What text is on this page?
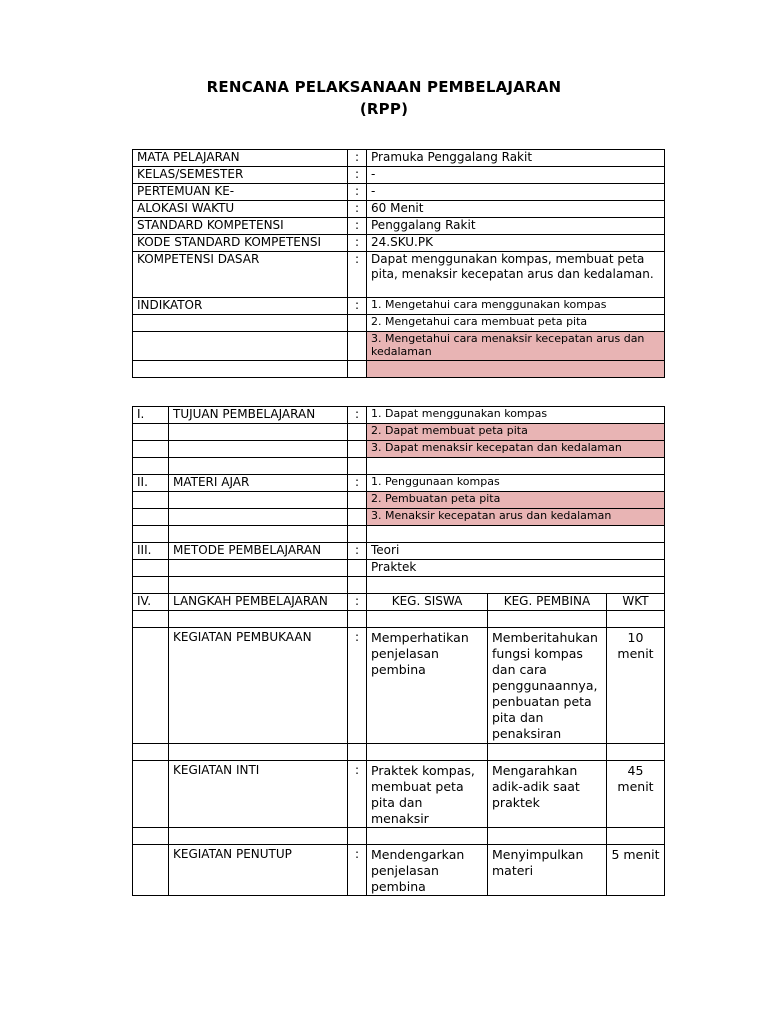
RENCANA PELAKSANAAN PEMBELAJARAN
(RPP)
MATA PELAJARAN	:	Pramuka Penggalang Rakit
KELAS/SEMESTER	:	-
PERTEMUAN KE-	:	-
ALOKASI WAKTU	:	60 Menit
STANDARD KOMPETENSI	:	Penggalang Rakit
KODE STANDARD KOMPETENSI	:	24.SKU.PK
KOMPETENSI DASAR	:	Dapat menggunakan kompas, membuat peta pita, menaksir kecepatan arus dan kedalaman.
INDIKATOR	:	1. Mengetahui cara menggunakan kompas
		2. Mengetahui cara membuat peta pita
		3. Mengetahui cara menaksir kecepatan arus dan kedalaman

I.	TUJUAN PEMBELAJARAN	:	1. Dapat menggunakan kompas		
			2. Dapat membuat peta pita		
			3. Dapat menaksir kecepatan dan kedalaman		

II.	MATERI AJAR	:	1. Penggunaan kompas		
			2. Pembuatan peta pita		
			3. Menaksir kecepatan arus dan kedalaman		

III.	METODE PEMBELAJARAN	:	Teori		
			Praktek		

IV.	LANGKAH PEMBELAJARAN	:	KEG. SISWA	KEG. PEMBINA	WKT

	KEGIATAN PEMBUKAAN	:	Memperhatikan penjelasan pembina	Memberitahukan fungsi kompas dan cara penggunaannya, penbuatan peta pita dan penaksiran	10 menit

	KEGIATAN INTI	:	Praktek kompas, membuat peta pita dan menaksir	Mengarahkan adik-adik saat praktek	45 menit

	KEGIATAN PENUTUP	:	Mendengarkan penjelasan pembina	Menyimpulkan materi	5 menit
